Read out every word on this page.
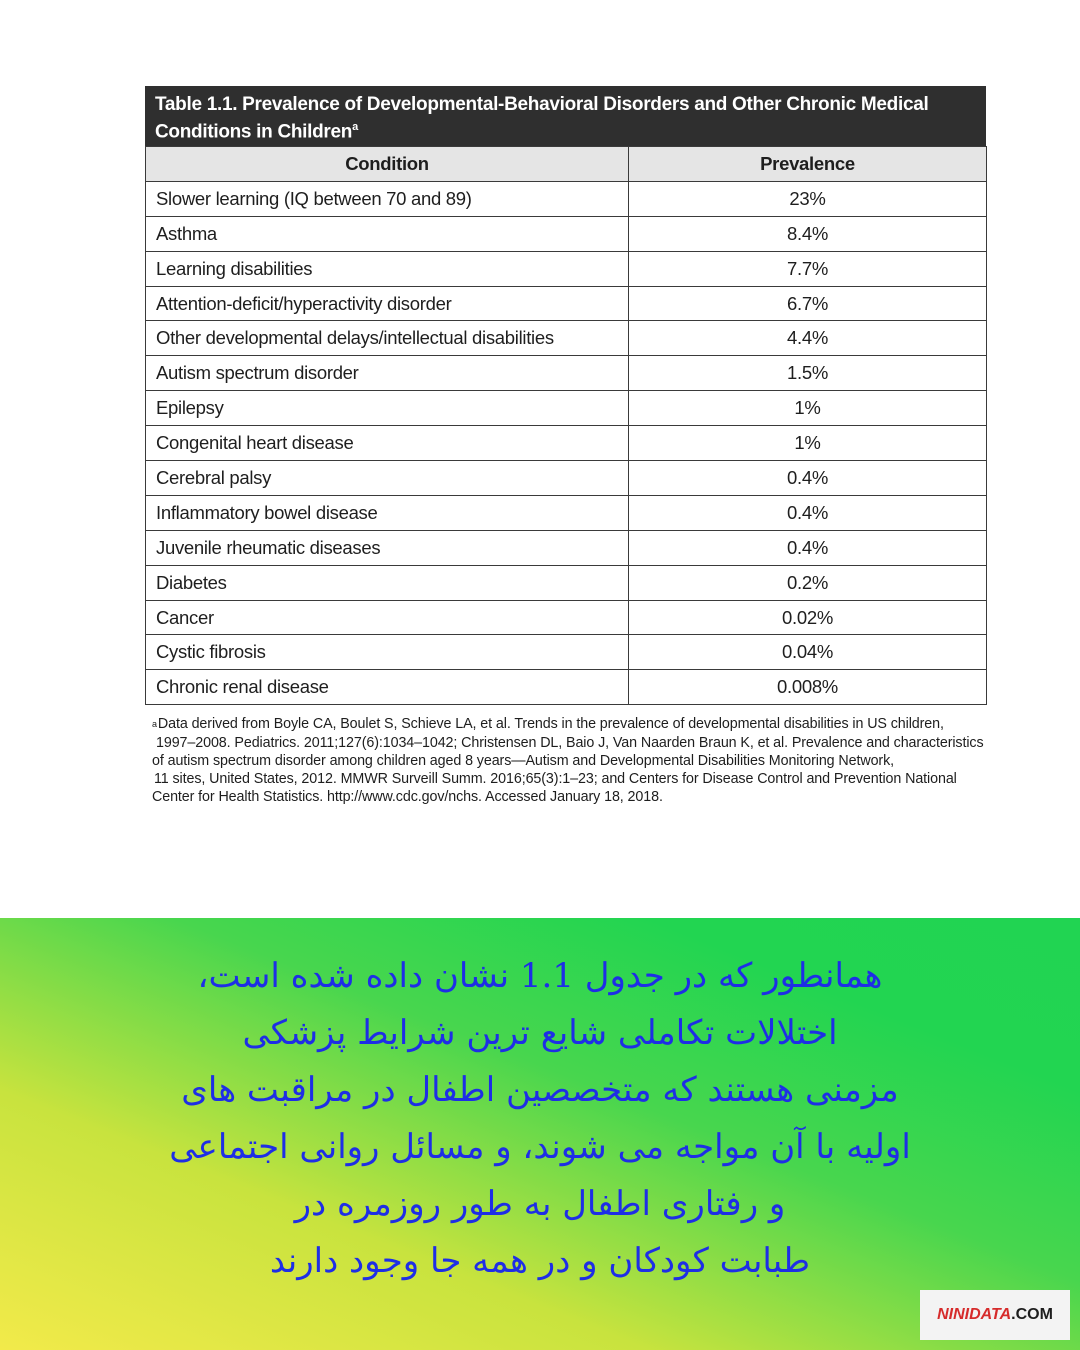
Table 1.1. Prevalence of Developmental-Behavioral Disorders and Other Chronic Medical Conditions in Children$^a$
Condition	Prevalence
Slower learning (IQ between 70 and 89)	23%
Asthma	8.4%
Learning disabilities	7.7%
Attention-deficit/hyperactivity disorder	6.7%
Other developmental delays/intellectual disabilities	4.4%
Autism spectrum disorder	1.5%
Epilepsy	1%
Congenital heart disease	1%
Cerebral palsy	0.4%
Inflammatory bowel disease	0.4%
Juvenile rheumatic diseases	0.4%
Diabetes	0.2%
Cancer	0.02%
Cystic fibrosis	0.04%
Chronic renal disease	0.008%

$^a$Data derived from Boyle CA, Boulet S, Schieve LA, et al. Trends in the prevalence of developmental disabilities in US children,

1997–2008. Pediatrics. 2011;127(6):1034–1042; Christensen DL, Baio J, Van Naarden Braun K, et al. Prevalence and characteristics

of autism spectrum disorder among children aged 8 years—Autism and Developmental Disabilities Monitoring Network,

11 sites, United States, 2012. MMWR Surveill Summ. 2016;65(3):1–23; and Centers for Disease Control and Prevention National

Center for Health Statistics. http://www.cdc.gov/nchs. Accessed January 18, 2018.

همانطور که در جدول 1.1 نشان داده شده است،
اختلالات تکاملی شایع ترین شرایط پزشکی
مزمنی هستند که متخصصین اطفال در مراقبت های
اولیه با آن مواجه می شوند، و مسائل روانی اجتماعی
و رفتاری اطفال به طور روزمره در
طبابت کودکان و در همه جا وجود دارند
NINIDATA .COM
